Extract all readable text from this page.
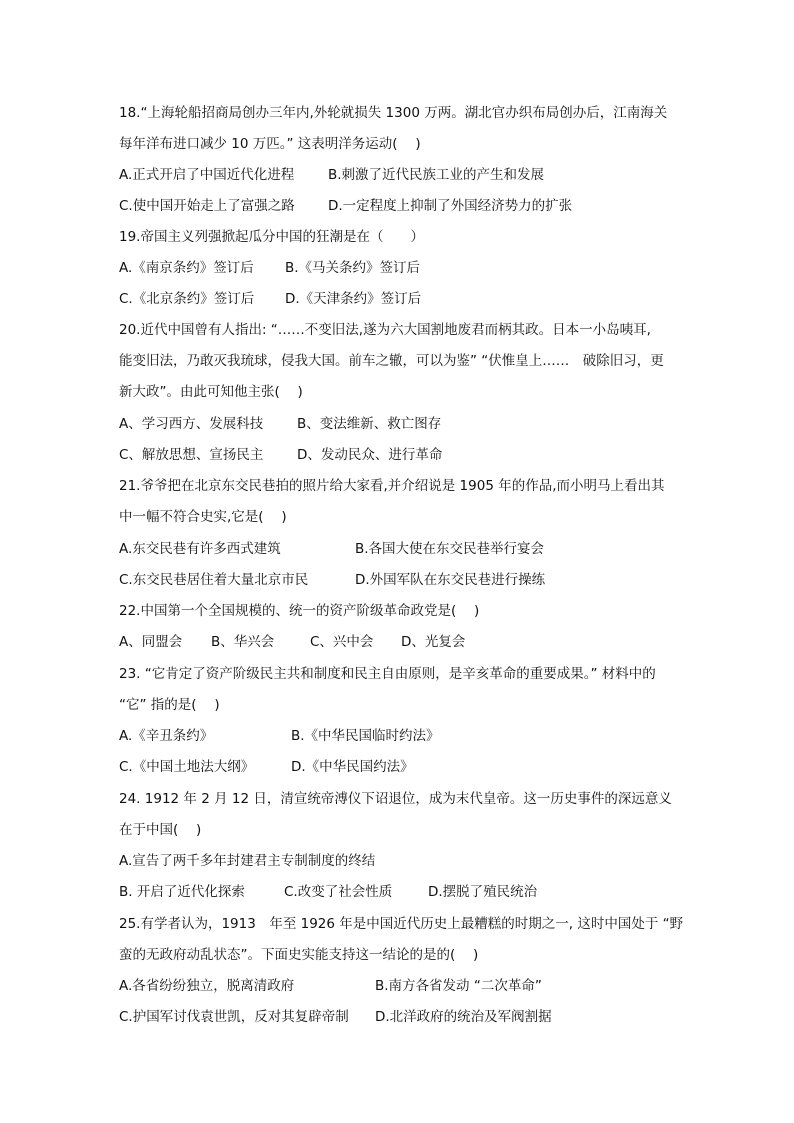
18.“上海轮船招商局创办三年内,外轮就损失 1300 万两。湖北官办织布局创办后，江南海关
每年洋布进口减少 10 万匹。” 这表明洋务运动(　 )
A.正式开启了中国近代化进程 B.刺激了近代民族工业的产生和发展
C.使中国开始走上了富强之路 D.一定程度上抑制了外国经济势力的扩张
19.帝国主义列强掀起瓜分中国的狂潮是在（　　）
A.《南京条约》签订后 B.《马关条约》签订后
C.《北京条约》签订后 D.《天津条约》签订后
20.近代中国曾有人指出: “……不变旧法,遂为六大国割地废君而柄其政。日本一小岛咦耳,
能变旧法，乃敢灭我琉球，侵我大国。前车之辙，可以为鉴” “伏惟皇上……　破除旧习，更
新大政”。由此可知他主张(　 )
A、学习西方、发展科技	B、变法维新、救亡图存
C、解放思想、宣扬民主 D、发动民众、进行革命
21.爷爷把在北京东交民巷拍的照片给大家看,并介绍说是 1905 年的作品,而小明马上看出其
中一幅不符合史实,它是(　 )
A.东交民巷有许多西式建筑	B.各国大使在东交民巷举行宴会
C.东交民巷居住着大量北京市民	D.外国军队在东交民巷进行操练
22.中国第一个全国规模的、统一的资产阶级革命政党是(　 )
A、同盟会 B、华兴会	C、兴中会 D、光复会
23. “它肯定了资产阶级民主共和制度和民主自由原则，是辛亥革命的重要成果。” 材料中的
“它” 指的是(　 )
A.《辛丑条约》	B.《中华民国临时约法》
C.《中国土地法大纲》	D.《中华民国约法》
24. 1912 年 2 月 12 日，清宣统帝溥仪下诏退位，成为末代皇帝。这一历史事件的深远意义
在于中国(　 )
A.宣告了两千多年封建君主专制制度的终结
B. 开启了近代化探索	C.改变了社会性质	D.摆脱了殖民统治
25.有学者认为，1913　年至 1926 年是中国近代历史上最糟糕的时期之一, 这时中国处于 “野
蛮的无政府动乱状态”。下面史实能支持这一结论的是的(　 )
A.各省纷纷独立，脱离清政府	B.南方各省发动 “二次革命”
C.护国军讨伐袁世凯，反对其复辟帝制 D.北洋政府的统治及军阀割据
